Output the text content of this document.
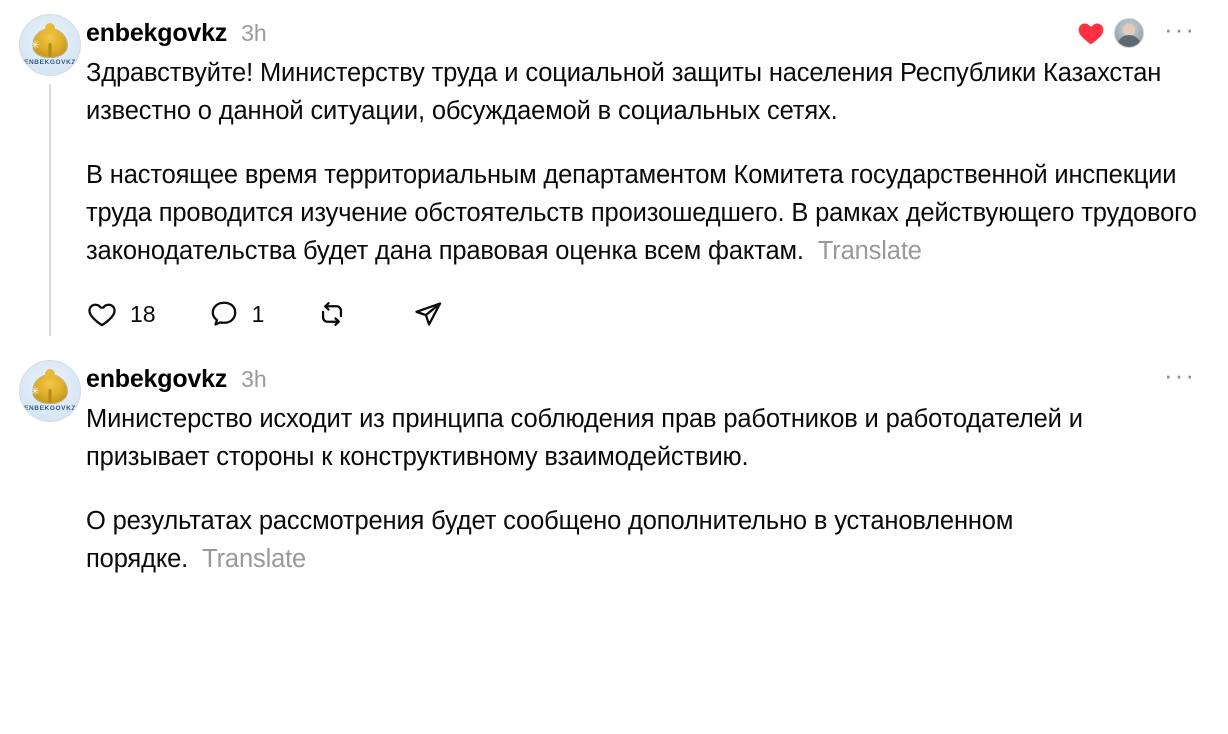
✳
ENBEKGOVKZ
enbekgovkz 3h	···

Здравствуйте! Министерству труда и социальной защиты населения Республики Казахстан известно о данной ситуации, обсуждаемой в социальных сетях.

В настоящее время территориальным департаментом Комитета государственной инспекции труда проводится изучение обстоятельств произошедшего. В рамках действующего трудового законодательства будет дана правовая оценка всем фактам. Translate

18	1
✳
ENBEKGOVKZ
enbekgovkz 3h	···

Министерство исходит из принципа соблюдения прав работников и работодателей и призывает стороны к конструктивному взаимодействию.

О результатах рассмотрения будет сообщено дополнительно в установленном порядке. Translate
